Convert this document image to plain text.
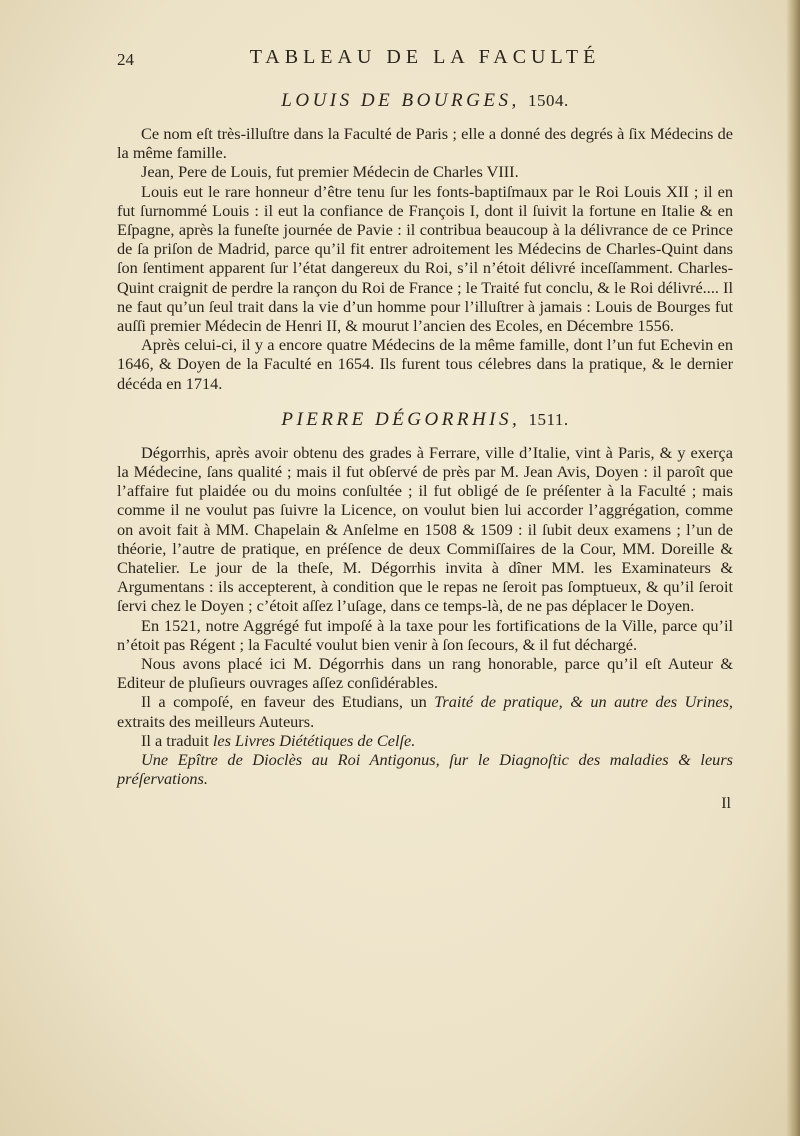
24	TABLEAU DE LA FACULTÉ
LOUIS DE BOURGES, 1504.

Ce nom eſt très-illuſtre dans la Faculté de Paris ; elle a donné des degrés à ſix Médecins de la même famille.

Jean, Pere de Louis, fut premier Médecin de Charles VIII.

Louis eut le rare honneur d’être tenu ſur les fonts-baptiſmaux par le Roi Louis XII ; il en fut ſurnommé Louis : il eut la confiance de François I, dont il ſuivit la fortune en Italie & en Eſpagne, après la funeſte journée de Pavie : il contribua beaucoup à la délivrance de ce Prince de ſa priſon de Madrid, parce qu’il fit entrer adroitement les Médecins de Charles-Quint dans ſon ſentiment apparent ſur l’état dangereux du Roi, s’il n’étoit délivré inceſſamment. Charles-Quint craignit de perdre la rançon du Roi de France ; le Traité fut conclu, & le Roi délivré.... Il ne faut qu’un ſeul trait dans la vie d’un homme pour l’illuſtrer à jamais : Louis de Bourges fut auſſi premier Médecin de Henri II, & mourut l’ancien des Ecoles, en Décembre 1556.

Après celui-ci, il y a encore quatre Médecins de la même famille, dont l’un fut Echevin en 1646, & Doyen de la Faculté en 1654. Ils furent tous célebres dans la pratique, & le dernier décéda en 1714.

PIERRE DÉGORRHIS, 1511.

Dégorrhis, après avoir obtenu des grades à Ferrare, ville d’Italie, vint à Paris, & y exerça la Médecine, ſans qualité ; mais il fut obſervé de près par M. Jean Avis, Doyen : il paroît que l’affaire fut plaidée ou du moins conſultée ; il fut obligé de ſe préſenter à la Faculté ; mais comme il ne voulut pas ſuivre la Licence, on voulut bien lui accorder l’aggrégation, comme on avoit fait à MM. Chapelain & Anſelme en 1508 & 1509 : il ſubit deux examens ; l’un de théorie, l’autre de pratique, en préſence de deux Commiſſaires de la Cour, MM. Doreille & Chatelier. Le jour de la theſe, M. Dégorrhis invita à dîner MM. les Examinateurs & Argumentans : ils accepterent, à condition que le repas ne ſeroit pas ſomptueux, & qu’il ſeroit ſervi chez le Doyen ; c’étoit aſſez l’uſage, dans ce temps-là, de ne pas déplacer le Doyen.

En 1521, notre Aggrégé fut impoſé à la taxe pour les fortifications de la Ville, parce qu’il n’étoit pas Régent ; la Faculté voulut bien venir à ſon ſecours, & il fut déchargé.

Nous avons placé ici M. Dégorrhis dans un rang honorable, parce qu’il eſt Auteur & Editeur de pluſieurs ouvrages aſſez conſidérables.

Il a compoſé, en faveur des Etudians, un Traité de pratique, & un autre des Urines, extraits des meilleurs Auteurs.

Il a traduit les Livres Diététiques de Celſe.

Une Epître de Dioclès au Roi Antigonus, ſur le Diagnoſtic des maladies & leurs préſervations.

Il
